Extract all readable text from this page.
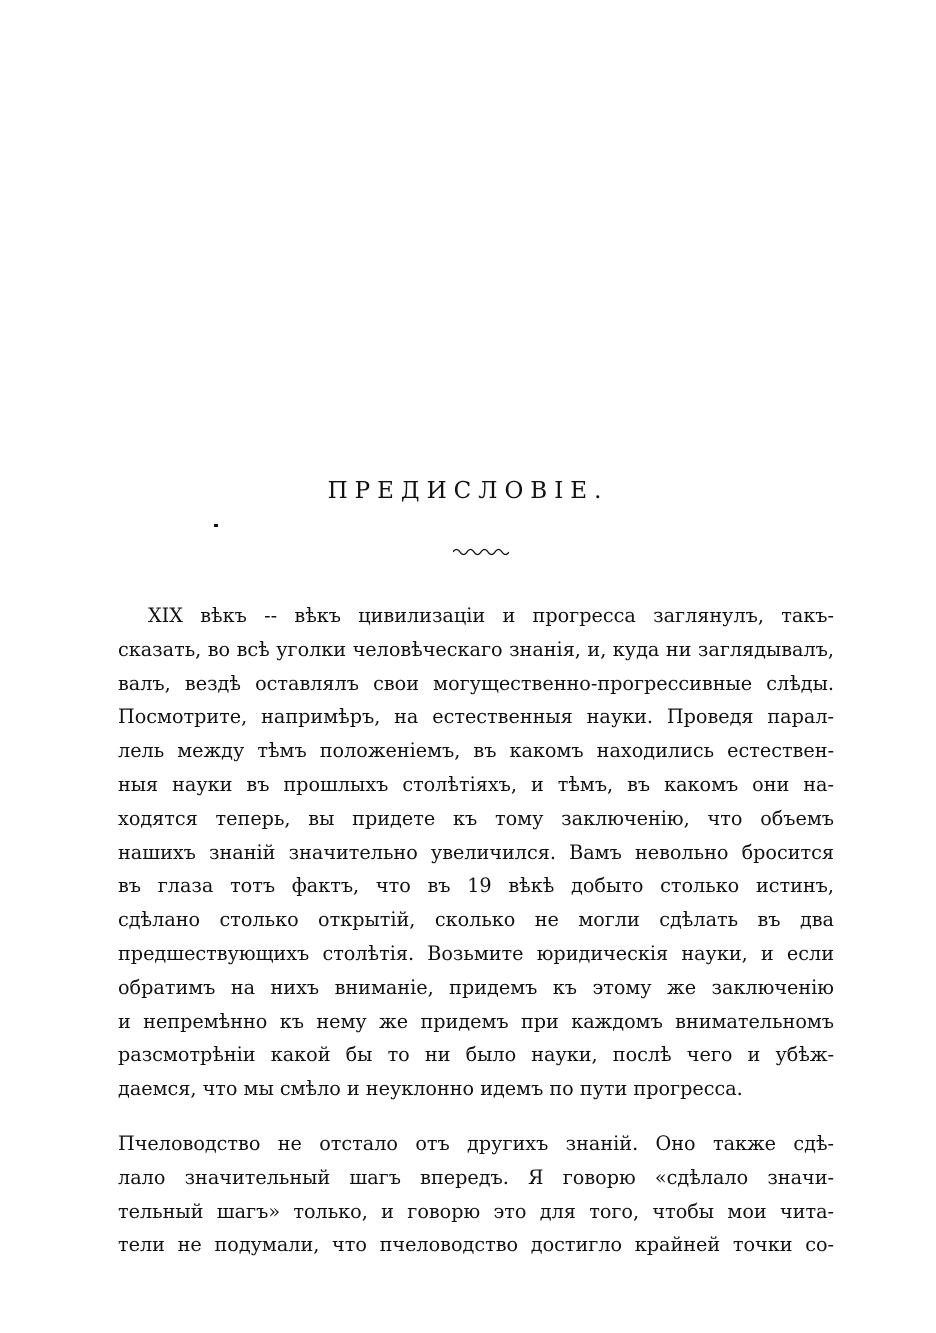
ПРЕДИСЛОВІЕ.
XIX вѣкъ -- вѣкъ цивилизаціи и прогресса заглянулъ, такъ-
сказать, во всѣ уголки человѣческаго знанія, и, куда ни заглядывалъ,
валъ, вездѣ оставлялъ свои могущественно-прогрессивные слѣды.
Посмотрите, напримѣръ, на естественныя науки. Проведя парал-
лель между тѣмъ положеніемъ, въ какомъ находились естествен-
ныя науки въ прошлыхъ столѣтіяхъ, и тѣмъ, въ какомъ они на-
ходятся теперь, вы придете къ тому заключенію, что объемъ
нашихъ знаній значительно увеличился. Вамъ невольно бросится
въ глаза тотъ фактъ, что въ 19 вѣкѣ добыто столько истинъ,
сдѣлано столько открытій, сколько не могли сдѣлать въ два
предшествующихъ столѣтія. Возьмите юридическія науки, и если
обратимъ на нихъ вниманіе, придемъ къ этому же заключенію
и непремѣнно къ нему же придемъ при каждомъ внимательномъ
разсмотрѣніи какой бы то ни было науки, послѣ чего и убѣж-
даемся, что мы смѣло и неуклонно идемъ по пути прогресса.
Пчеловодство не отстало отъ другихъ знаній. Оно также сдѣ-
лало значительный шагъ впередъ. Я говорю «сдѣлало значи-
тельный шагъ» только, и говорю это для того, чтобы мои чита-
тели не подумали, что пчеловодство достигло крайней точки со-
